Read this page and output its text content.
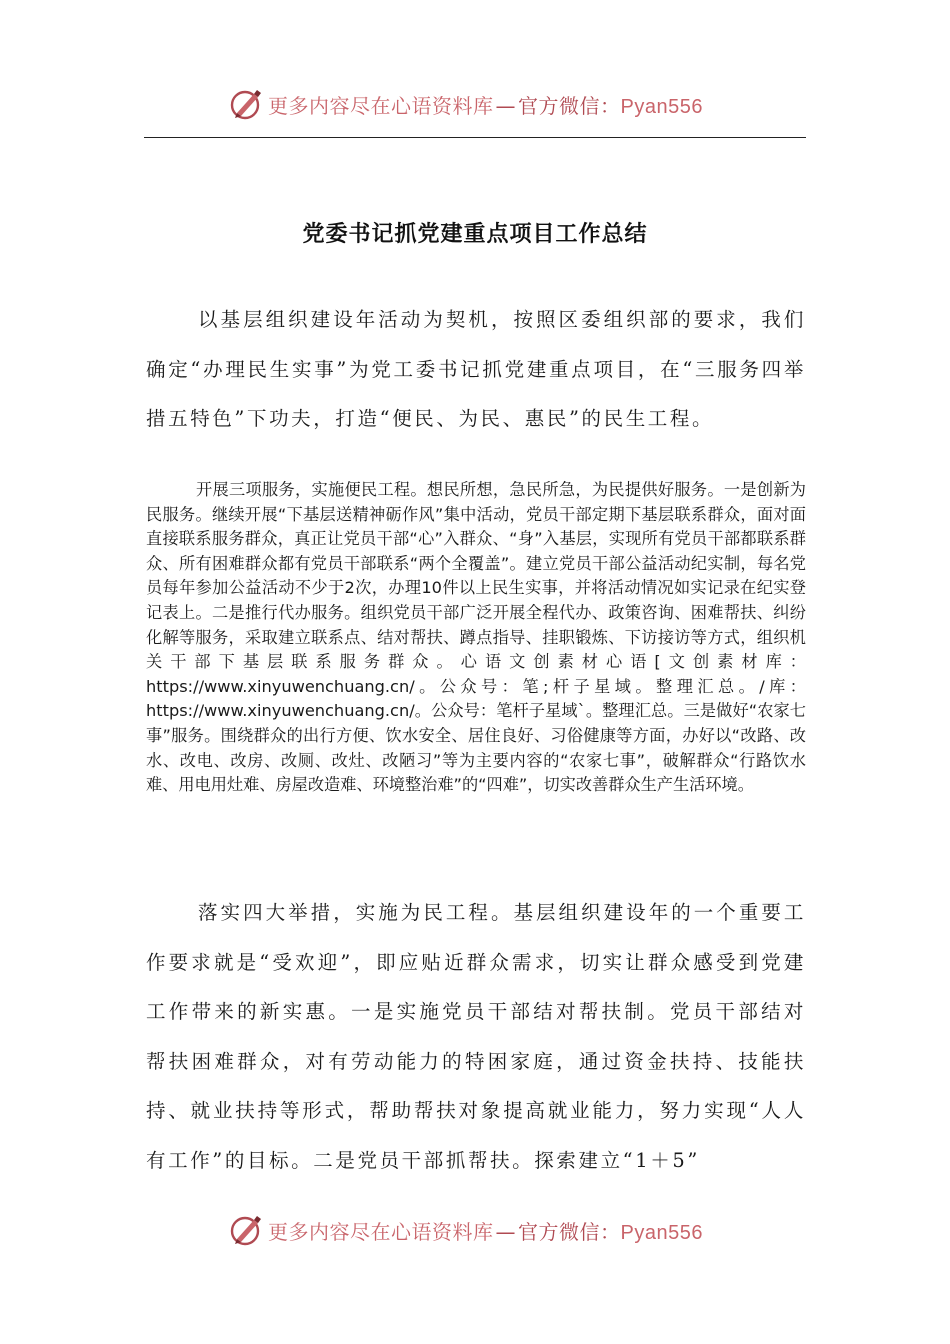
更多内容尽在心语资料库 — 官方微信：Pyan556
党委书记抓党建重点项目工作总结

以基层组织建设年活动为契机，按照区委组织部的要求，我们确定“办理民生实事”为党工委书记抓党建重点项目，在“三服务四举措五特色”下功夫，打造“便民、为民、惠民”的民生工程。

开展三项服务，实施便民工程。想民所想，急民所急，为民提供好服务。一是创新为民服务。继续开展“下基层送精神砺作风”集中活动，党员干部定期下基层联系群众，面对面直接联系服务群众，真正让党员干部“心”入群众、“身”入基层，实现所有党员干部都联系群众、所有困难群众都有党员干部联系“两个全覆盖”。建立党员干部公益活动纪实制，每名党员每年参加公益活动不少于2次，办理10件以上民生实事，并将活动情况如实记录在纪实登记表上。二是推行代办服务。组织党员干部广泛开展全程代办、政策咨询、困难帮扶、纠纷化解等服务，采取建立联系点、结对帮扶、蹲点指导、挂职锻炼、下访接访等方式，组织机关干部下基层联系服务群众。心语文创素材心语[文创素材库：https://www.xinyuwenchuang.cn/。公众号：笔;杆子星域。整理汇总。/库：https://www.xinyuwenchuang.cn/。公众号：笔杆子星域`。整理汇总。三是做好“农家七事”服务。围绕群众的出行方便、饮水安全、居住良好、习俗健康等方面，办好以“改路、改水、改电、改房、改厕、改灶、改陋习”等为主要内容的“农家七事”，破解群众“行路饮水难、用电用灶难、房屋改造难、环境整治难”的“四难”，切实改善群众生产生活环境。

落实四大举措，实施为民工程。基层组织建设年的一个重要工作要求就是“受欢迎”，即应贴近群众需求，切实让群众感受到党建工作带来的新实惠。一是实施党员干部结对帮扶制。党员干部结对帮扶困难群众，对有劳动能力的特困家庭，通过资金扶持、技能扶持、就业扶持等形式，帮助帮扶对象提高就业能力，努力实现“人人有工作”的目标。二是党员干部抓帮扶。探索建立“1＋5”

更多内容尽在心语资料库 — 官方微信：Pyan556
